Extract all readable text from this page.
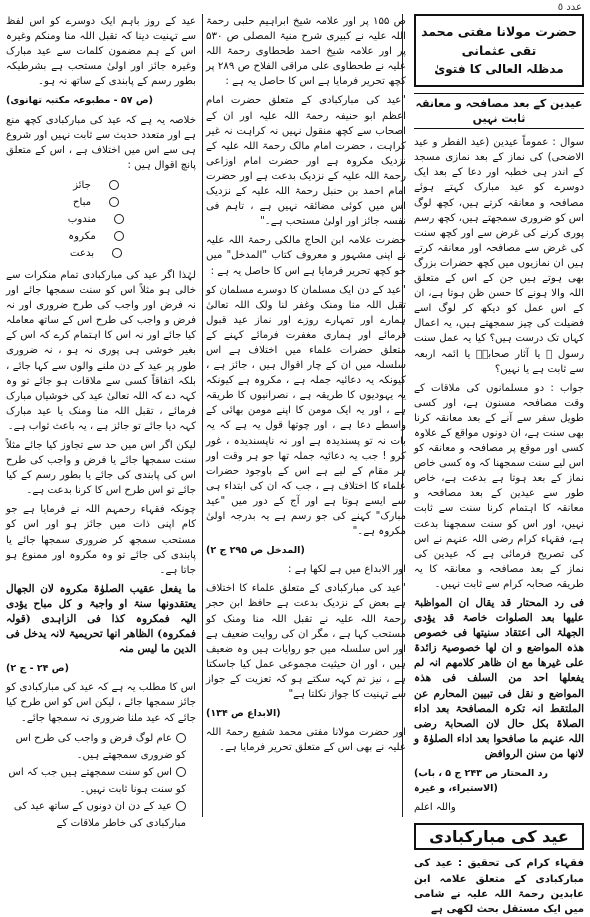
عدد ٥
حضرت مولانا مفتی محمد تقی عثمانی
مدظلہ العالی کا فتویٰ
عیدین کے بعد مصافحہ و معانقہ ثابت نہیں

سوال : عموماً عیدین (عید الفطر و عید الاضحی) کی نماز کے بعد نمازی مسجد کے اندر ہی خطبہ اور دعا کے بعد ایک دوسرے کو عید مبارک کہتے ہوئے مصافحہ و معانقہ کرتے ہیں، کچھ لوگ اس کو ضروری سمجھتے ہیں، کچھ رسم پوری کرنے کی غرض سے اور کچھ سنت کی غرض سے مصافحہ اور معانقہ کرتے ہیں ان نمازیوں میں کچھ حضرات بزرگ بھی ہوتے ہیں جن کے اس کے متعلق اللہ والا ہونے کا حسن ظن ہوتا ہے، ان کے اس عمل کو دیکھ کر لوگ اسے فضیلت کی چیز سمجھتے ہیں، یہ اعمال کہاں تک درست ہیں؟ کیا یہ عمل سنت رسول ﷺ یا آثار صحابہؓ یا ائمہ اربعہ سے ثابت ہے یا نہیں؟

جواب : دو مسلمانوں کی ملاقات کے وقت مصافحہ مسنون ہے، اور کسی طویل سفر سے آنے کے بعد معانقہ کرنا بھی سنت ہے، ان دونوں مواقع کے علاوہ کسی اور موقع پر مصافحہ و معانقہ کو اس لیے سنت سمجھنا کہ وہ کسی خاص نماز کے بعد ہوتا ہے بدعت ہے، خاص طور سے عیدین کے بعد مصافحہ و معانقہ کا اہتمام کرنا سنت سے ثابت نہیں، اور اس کو سنت سمجھنا بدعت ہے، فقہاء کرام رضی اللہ عنہم نے اس کی تصریح فرمائی ہے کہ عیدین کی نماز کے بعد مصافحہ و معانقہ کا یہ طریقہ صحابہ کرام سے ثابت نہیں۔

فی رد المحتار قد یقال ان المواظبۃ علیھا بعد الصلوات خاصۃ قد یؤدی الجھلۃ الی اعتقاد سنیتھا فی خصوص ھذہ المواضع و ان لھا خصوصیۃ زائدۃ علی غیرھا مع ان ظاھر کلامھم انہ لم یفعلھا احد من السلف فی ھذہ المواضع و نقل فی تبیین المحارم عن الملتقط انہ تکرہ المصافحۃ بعد اداء الصلاۃ بکل حال لان الصحابۃ رضی اللہ عنہم ما صافحوا بعد اداء الصلوٰۃ و لانھا من سنن الروافض

(رد المحتار ص ۲۴۳ ج ۵ ، باب الاستبراء، و غیرہ)
واللہ اعلم
عید کی مبارکبادی

فقہاء کرام کی تحقیق : عید کی مبارکبادی کے متعلق علامہ ابن عابدین رحمۃ اللہ علیہ نے شامی میں ایک مستقل بحث لکھی ہے

ص ۱۵۵ پر اور علامہ شیخ ابراہیم حلبی رحمۃ اللہ علیہ نے کبیری شرح منیۃ المصلی ص ۵۳۰ پر اور علامہ شیخ احمد طحطاوی رحمۃ اللہ علیہ نے طحطاوی علی مراقی الفلاح ص ۲۸۹ پر کچھ تحریر فرمایا ہے اس کا حاصل یہ ہے :

"عید کی مبارکبادی کے متعلق حضرت امام اعظم ابو حنیفہ رحمۃ اللہ علیہ اور ان کے اصحاب سے کچھ منقول نہیں نہ کراہت نہ غیر کراہت ، حضرت امام مالک رحمۃ اللہ علیہ کے نزدیک مکروہ ہے اور حضرت امام اوزاعی رحمۃ اللہ علیہ کے نزدیک بدعت ہے اور حضرت امام احمد بن حنبل رحمۃ اللہ علیہ کے نزدیک اس میں کوئی مضائقہ نہیں ہے ، تاہم فی نفسہ جائز اور اولیٰ مستحب ہے۔"

حضرت علامہ ابن الحاج مالکی رحمۃ اللہ علیہ نے اپنی مشہور و معروف کتاب "المدخل" میں جو کچھ تحریر فرمایا ہے اس کا حاصل یہ ہے :

"عید کے دن ایک مسلمان کا دوسرے مسلمان کو تقبل اللہ منا ومنک وغفر لنا ولک اللہ تعالیٰ ہمارے اور تمہارے روزے اور نماز عید قبول فرمائے اور ہماری مغفرت فرمائے کہنے کے متعلق حضرات علماء میں اختلاف ہے اس سلسلہ میں ان کے چار اقوال ہیں ، جائز ہے ، کیونکہ یہ دعائیہ جملہ ہے ، مکروہ ہے کیونکہ یہ یہودیوں کا طریقہ ہے ، نصرانیوں کا طریقہ ہے ، اور یہ ایک مومن کا اپنے مومن بھائی کے واسطے دعا ہے ، اور چوتھا قول یہ ہے کہ یہ بات نہ تو پسندیدہ ہے اور نہ ناپسندیدہ ، غور کرو ! جب یہ دعائیہ جملہ تھا جو ہر وقت اور ہر مقام کے لیے ہے اس کے باوجود حضرات علماء کا اختلاف ہے ، جب کہ ان کی ابتداء ہی سے ایسے ہوتا ہے اور آج کے دور میں "عید مبارک" کہنے کی جو رسم ہے یہ بدرجہ اولیٰ مکروہ ہے۔"

(المدخل ص ۲۹۵ ج ۲)

اور الابداع میں ہے لکھا ہے :

"عید کی مبارکبادی کے متعلق علماء کا اختلاف ہے بعض کے نزدیک بدعت ہے حافظ ابن حجر رحمۃ اللہ علیہ نے تقبل اللہ منا ومنک کو مستحب کہا ہے ، مگر ان کی روایت ضعیف ہے اور اس سلسلہ میں جو روایات ہیں وہ ضعیف ہیں ، اور ان حیثیت مجموعی عمل کیا جاسکتا ہے ، نیز تم کہہ سکتے ہو کہ تعزیت کے جواز سے تہنیت کا جواز نکلتا ہے"

(الابداع ص ۱۳۴)

اور حضرت مولانا مفتی محمد شفیع رحمۃ اللہ علیہ نے بھی اس کے متعلق تحریر فرمایا ہے۔

عید کے روز باہم ایک دوسرے کو اس لفظ سے تہنیت دینا کہ تقبل اللہ منا ومنکم وغیرہ اس کے ہم مضمون کلمات سے عید مبارک وغیرہ جائز اور اولیٰ مستحب ہے بشرطیکہ بطور رسم کے پابندی کے ساتھ نہ ہو۔

(ص ۵۷ - مطبوعہ مکتبہ تھانوی)

خلاصہ یہ ہے کہ عید کی مبارکبادی کچھ منع ہے اور متعدد حدیث سے ثابت نہیں اور شروع ہی سے اس میں اختلاف ہے ، اس کے متعلق پانچ اقوال ہیں :

جائز
مباح
مندوب
مکروہ
بدعت

لہٰذا اگر عید کی مبارکبادی تمام منکرات سے خالی ہو مثلاً اس کو سنت سمجھا جائے اور نہ فرض اور واجب کی طرح ضروری اور نہ فرض و واجب کی طرح اس کے ساتھ معاملہ کیا جائے اور نہ اس کا اہتمام کرے کہ اس کے بغیر خوشی ہی پوری نہ ہو ، نہ ضروری طور پر عید کے دن ملنے والوں سے کہا جائے ، بلکہ اتفاقاً کسی سے ملاقات ہو جائے تو وہ کہہ دے کہ اللہ تعالیٰ عید کی خوشیاں مبارک فرمائے ، تقبل اللہ منا ومنک یا عید مبارک کہہ دیا جائے تو جائز ہے ، یہ باعث ثواب ہے۔

لیکن اگر اس میں حد سے تجاوز کیا جائے مثلاً سنت سمجھا جائے یا فرض و واجب کی طرح اس کی پابندی کی جائے یا بطور رسم کے کیا جائے تو اس طرح اس کا کرنا بدعت ہے۔

چونکہ فقہاء رحمہم اللہ نے فرمایا ہے جو کام اپنی ذات میں جائز ہو اور اس کو مستحب سمجھ کر ضروری سمجھا جائے یا پابندی کی جائے تو وہ مکروہ اور ممنوع ہو جاتا ہے۔

ما یفعل عقیب الصلوٰۃ مکروہ لان الجھال یعتقدونھا سنۃ او واجبۃ و کل مباح یؤدی الیہ فمکروہ کذا فی الزاہدی (قولہ فمکروہ) الظاھر انھا تحریمیۃ لانہ یدخل فی الدین ما لیس منہ

(ص ۲۴ - ج ۲)

اس کا مطلب یہ ہے کہ عید کی مبارکبادی کو جائز سمجھا جائے ، لیکن اس کو اس طرح کیا جائے کہ عید ملنا ضروری نہ سمجھا جائے۔

عام لوگ فرض و واجب کی طرح اس کو ضروری سمجھتے ہیں۔
اس کو سنت سمجھتے ہیں جب کہ اس کو سنت ہونا ثابت نہیں۔
عید کے دن ان دونوں کے ساتھ عید کی مبارکبادی کی خاطر ملاقات کے
